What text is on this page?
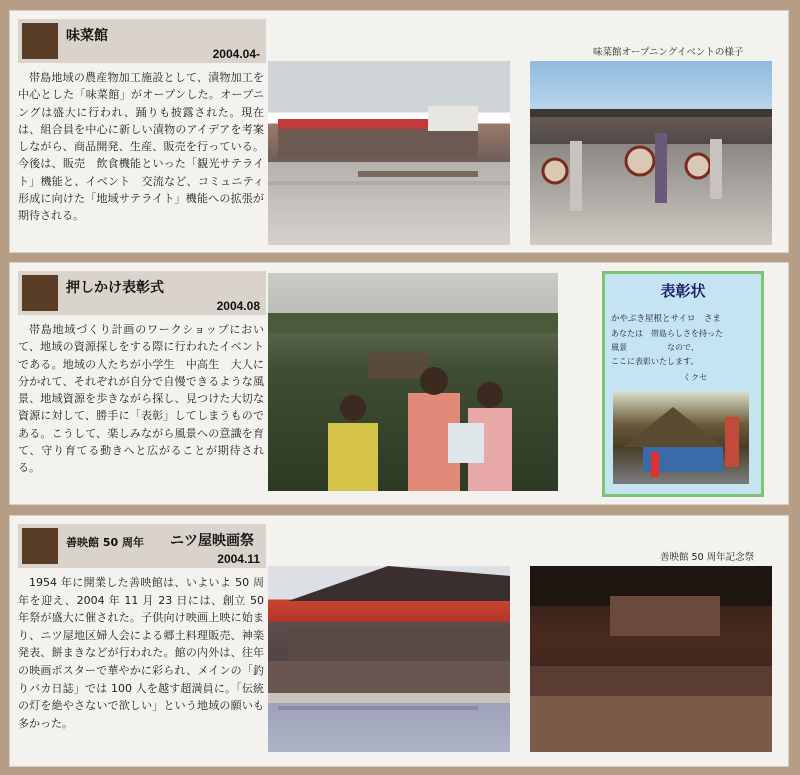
味菜館
2004.04-
帯島地域の農産物加工施設として、漬物加工を中心とした「味菜館」がオープンした。オープニングは盛大に行われ、踊りも披露された。現在は、組合員を中心に新しい漬物のアイデアを考案しながら、商品開発、生産、販売を行っている。今後は、販売　飲食機能といった「観光サテライト」機能と、イベント　交流など、コミュニティ形成に向けた「地域サテライト」機能への拡張が期待される。
味菜館オープニングイベントの様子
押しかけ表彰式
2004.08
帯島地域づくり計画のワークショップにおいて、地域の資源探しをする際に行われたイベントである。地域の人たちが小学生　中高生　大人に分かれて、それぞれが自分で自慢できるような風景、地域資源を歩きながら探し、見つけた大切な資源に対して、勝手に「表彰」してしまうものである。こうして、楽しみながら風景への意識を育て、守り育てる動きへと広がることが期待される。
表彰状
かやぶき屋根とサイロ　さま
あなたは　帯島らしさを持った
風景　　　　　なので、
ここに表彰いたします。
くクセ
善映館 50 周年 ニツ屋映画祭
2004.11
1954 年に開業した善映館は、いよいよ 50 周年を迎え、2004 年 11 月 23 日には、創立 50 年祭が盛大に催された。子供向け映画上映に始まり、ニツ屋地区婦人会による郷土料理販売、神楽発表、餅まきなどが行われた。館の内外は、往年の映画ポスターで華やかに彩られ、メインの「釣りバカ日誌」では 100 人を越す超満員に。「伝統の灯を絶やさないで欲しい」という地域の願いも多かった。
善映館 50 周年記念祭
